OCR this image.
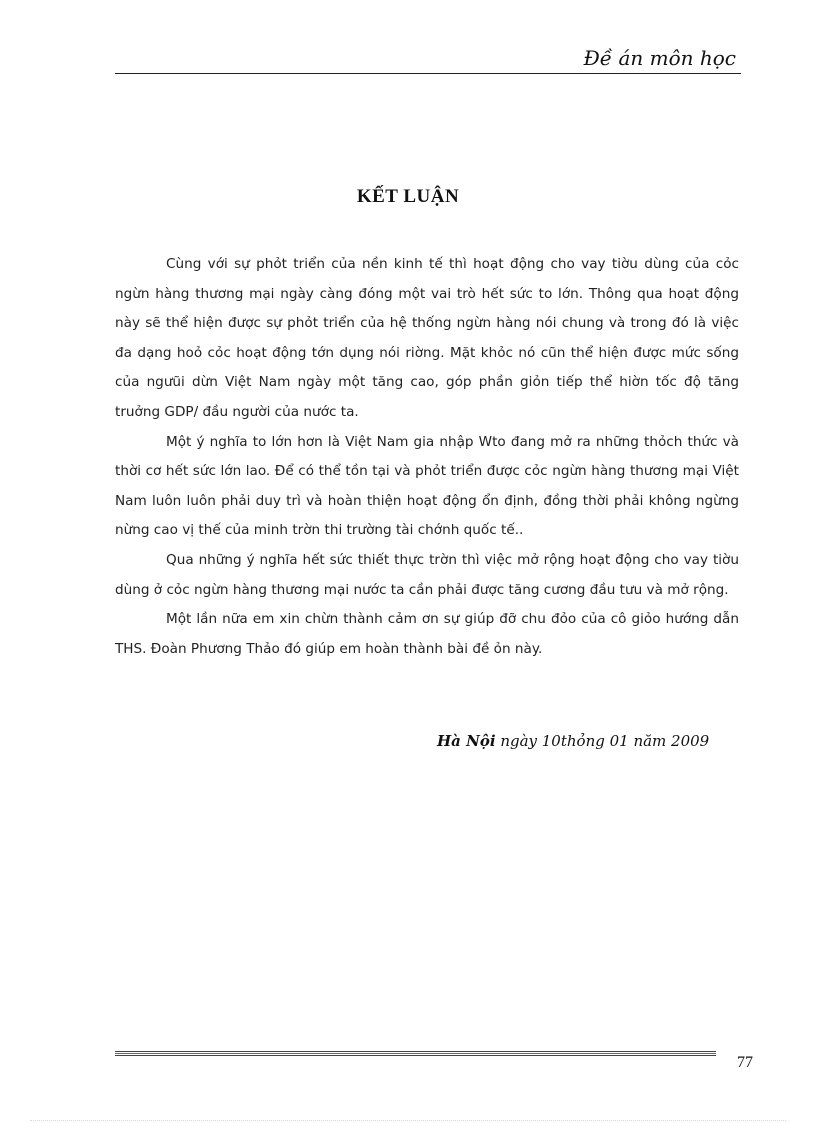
Đề án môn học
KẾT LUẬN

Cùng với sự phỏt triển của nền kinh tế thì hoạt động cho vay tiờu dùng của cỏc ngừn hàng thương mại ngày càng đóng một vai trò hết sức to lớn. Thông qua hoạt động này sẽ thể hiện được sự phỏt triển của hệ thống ngừn hàng nói chung và trong đó là việc đa dạng hoỏ cỏc hoạt động tớn dụng nói riờng. Mặt khỏc nó cũn thể hiện được mức sống của ngưũi dừn Việt Nam ngày một tăng cao, góp phần giỏn tiếp thể hiờn tốc độ tăng truởng GDP/ đầu người của nước ta.

Một ý nghĩa to lớn hơn là Việt Nam gia nhập Wto đang mở ra những thỏch thức và thời cơ hết sức lớn lao. Để có thể tồn tại và phỏt triển được cỏc ngừn hàng thương mại Việt Nam luôn luôn phải duy trì và hoàn thiện hoạt động ổn định, đồng thời phải không ngừng nừng cao vị thế của minh trờn thi trường tài chớnh quốc tế..

Qua những ý nghĩa hết sức thiết thực trờn thì việc mở rộng hoạt động cho vay tiờu dùng ở cỏc ngừn hàng thương mại nước ta cần phải được tăng cương đầu tưu và mở rộng.

Một lần nữa em xin chừn thành cảm ơn sự giúp đỡ chu đỏo của cô giỏo hướng dẫn THS. Đoàn Phương Thảo đó giúp em hoàn thành bài đề ỏn này.

Hà Nội ngày 10thỏng 01 năm 2009
77
